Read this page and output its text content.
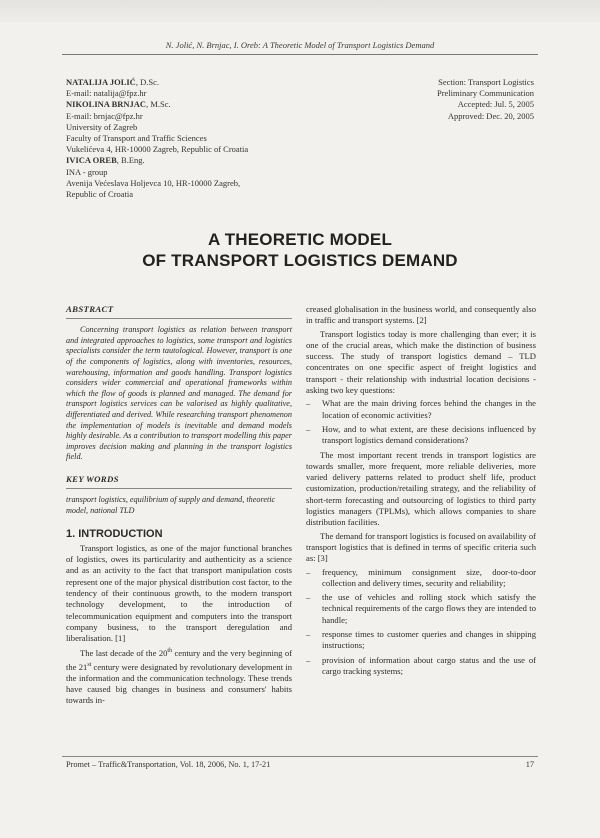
N. Jolić, N. Brnjac, I. Oreb: A Theoretic Model of Transport Logistics Demand
NATALIJA JOLIĆ, D.Sc.
E-mail: natalija@fpz.hr
NIKOLINA BRNJAC, M.Sc.
E-mail: brnjac@fpz.hr
University of Zagreb
Faculty of Transport and Traffic Sciences
Vukelićeva 4, HR-10000 Zagreb, Republic of Croatia
IVICA OREB, B.Eng.
INA - group
Avenija Većeslava Holjevca 10, HR-10000 Zagreb,
Republic of Croatia
Section: Transport Logistics
Preliminary Communication
Accepted: Jul. 5, 2005
Approved: Dec. 20, 2005
A THEORETIC MODEL
OF TRANSPORT LOGISTICS DEMAND
ABSTRACT

Concerning transport logistics as relation between transport and integrated approaches to logistics, some transport and logistics specialists consider the term tautological. However, transport is one of the components of logistics, along with inventories, resources, warehousing, information and goods handling. Transport logistics considers wider commercial and operational frameworks within which the flow of goods is planned and managed. The demand for transport logistics services can be valorised as highly qualitative, differentiated and derived. While researching transport phenomenon the implementation of models is inevitable and demand models highly desirable. As a contribution to transport modelling this paper improves decision making and planning in the transport logistics field.

KEY WORDS

transport logistics, equilibrium of supply and demand, theoretic model, national TLD

1. INTRODUCTION

Transport logistics, as one of the major functional branches of logistics, owes its particularity and authenticity as a science and as an activity to the fact that transport manipulation costs represent one of the major physical distribution cost factor, to the tendency of their continuous growth, to the modern transport technology development, to the introduction of telecommunication equipment and computers into the transport company business, to the transport deregulation and liberalisation. [1]

The last decade of the 20th century and the very beginning of the 21st century were designated by revolutionary development in the information and the communication technology. These trends have caused big changes in business and consumers' habits towards in-

creased globalisation in the business world, and consequently also in traffic and transport systems. [2]

Transport logistics today is more challenging than ever; it is one of the crucial areas, which make the distinction of business success. The study of transport logistics demand – TLD concentrates on one specific aspect of freight logistics and transport - their relationship with industrial location decisions - asking two key questions:

– What are the main driving forces behind the changes in the location of economic activities?
– How, and to what extent, are these decisions influenced by transport logistics demand considerations?

The most important recent trends in transport logistics are towards smaller, more frequent, more reliable deliveries, more varied delivery patterns related to product shelf life, product customization, production/retailing strategy, and the reliability of short-term forecasting and outsourcing of logistics to third party logistics managers (TPLMs), which allows companies to share distribution facilities.

The demand for transport logistics is focused on availability of transport logistics that is defined in terms of specific criteria such as: [3]

– frequency, minimum consignment size, door-to-door collection and delivery times, security and reliability;
– the use of vehicles and rolling stock which satisfy the technical requirements of the cargo flows they are intended to handle;
– response times to customer queries and changes in shipping instructions;
– provision of information about cargo status and the use of cargo tracking systems;
Promet – Traffic&Transportation, Vol. 18, 2006, No. 1, 17-21	17
